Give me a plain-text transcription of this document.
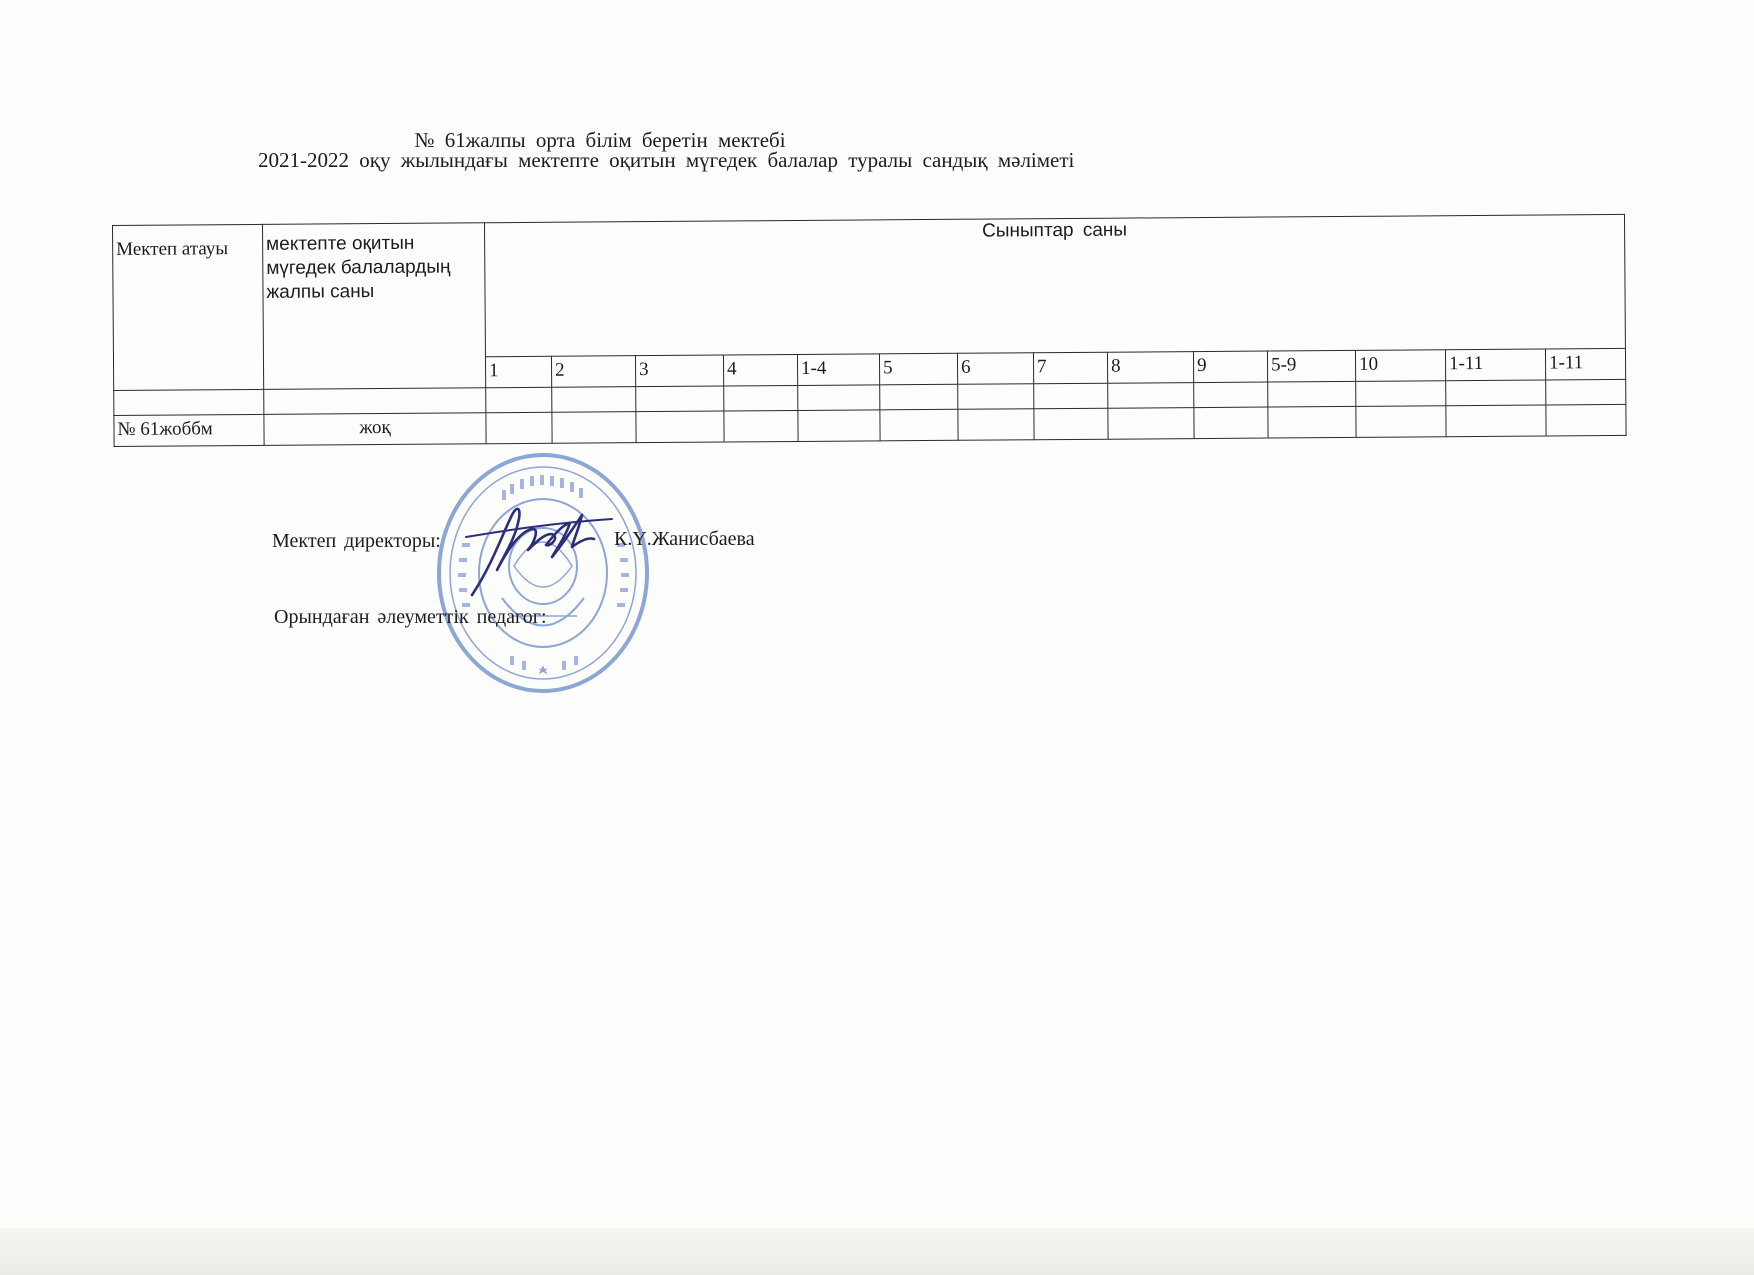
№ 61жалпы орта білім беретін мектебі
2021-2022 оқу жылындағы мектепте оқитын мүгедек балалар туралы сандық мәліметі
Мектеп атауы	мектепте оқитын мүгедек балалардың жалпы саны	Сыныптар саны													
		1	2	3	4	1-4	5	6	7	8	9	5-9	10	1-11	1-11

№ 61жоббм	жоқ														
Мектеп директоры:	К.Ү.Жанисбаева
Орындаған әлеуметтік педагог:
